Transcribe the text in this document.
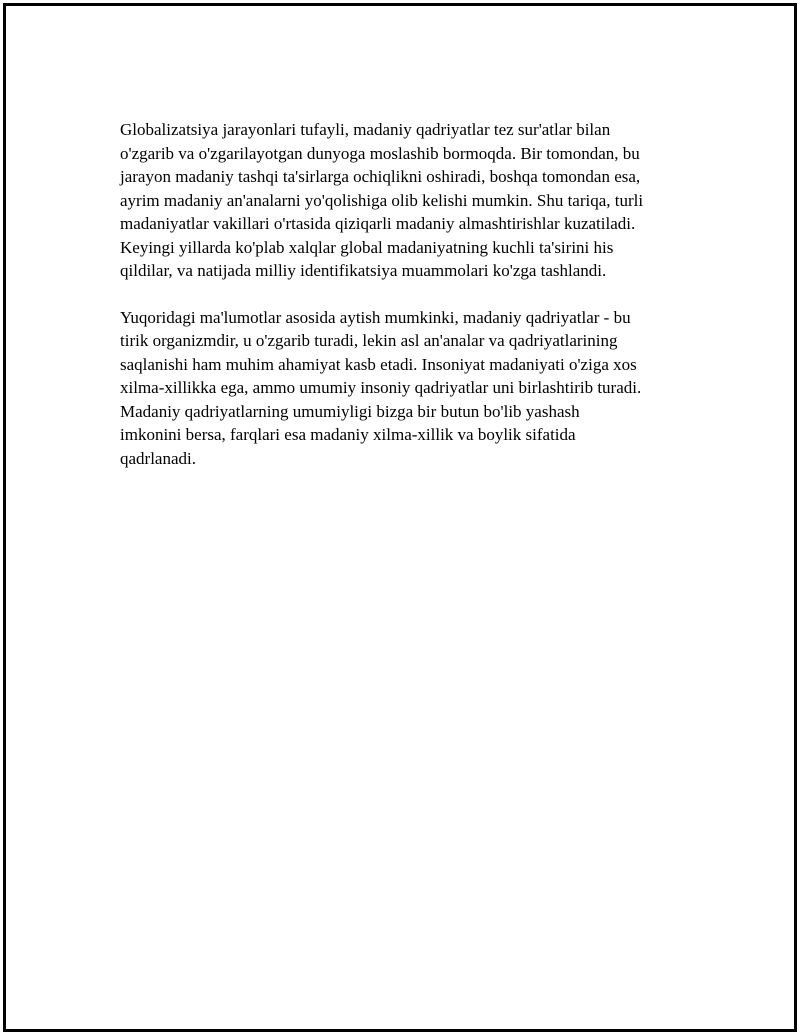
Globalizatsiya jarayonlari tufayli, madaniy qadriyatlar tez sur'atlar bilan
o'zgarib va o'zgarilayotgan dunyoga moslashib bormoqda. Bir tomondan, bu
jarayon madaniy tashqi ta'sirlarga ochiqlikni oshiradi, boshqa tomondan esa,
ayrim madaniy an'analarni yo'qolishiga olib kelishi mumkin. Shu tariqa, turli
madaniyatlar vakillari o'rtasida qiziqarli madaniy almashtirishlar kuzatiladi.
Keyingi yillarda ko'plab xalqlar global madaniyatning kuchli ta'sirini his
qildilar, va natijada milliy identifikatsiya muammolari ko'zga tashlandi.

Yuqoridagi ma'lumotlar asosida aytish mumkinki, madaniy qadriyatlar - bu
tirik organizmdir, u o'zgarib turadi, lekin asl an'analar va qadriyatlarining
saqlanishi ham muhim ahamiyat kasb etadi. Insoniyat madaniyati o'ziga xos
xilma-xillikka ega, ammo umumiy insoniy qadriyatlar uni birlashtirib turadi.
Madaniy qadriyatlarning umumiyligi bizga bir butun bo'lib yashash
imkonini bersa, farqlari esa madaniy xilma-xillik va boylik sifatida
qadrlanadi.
